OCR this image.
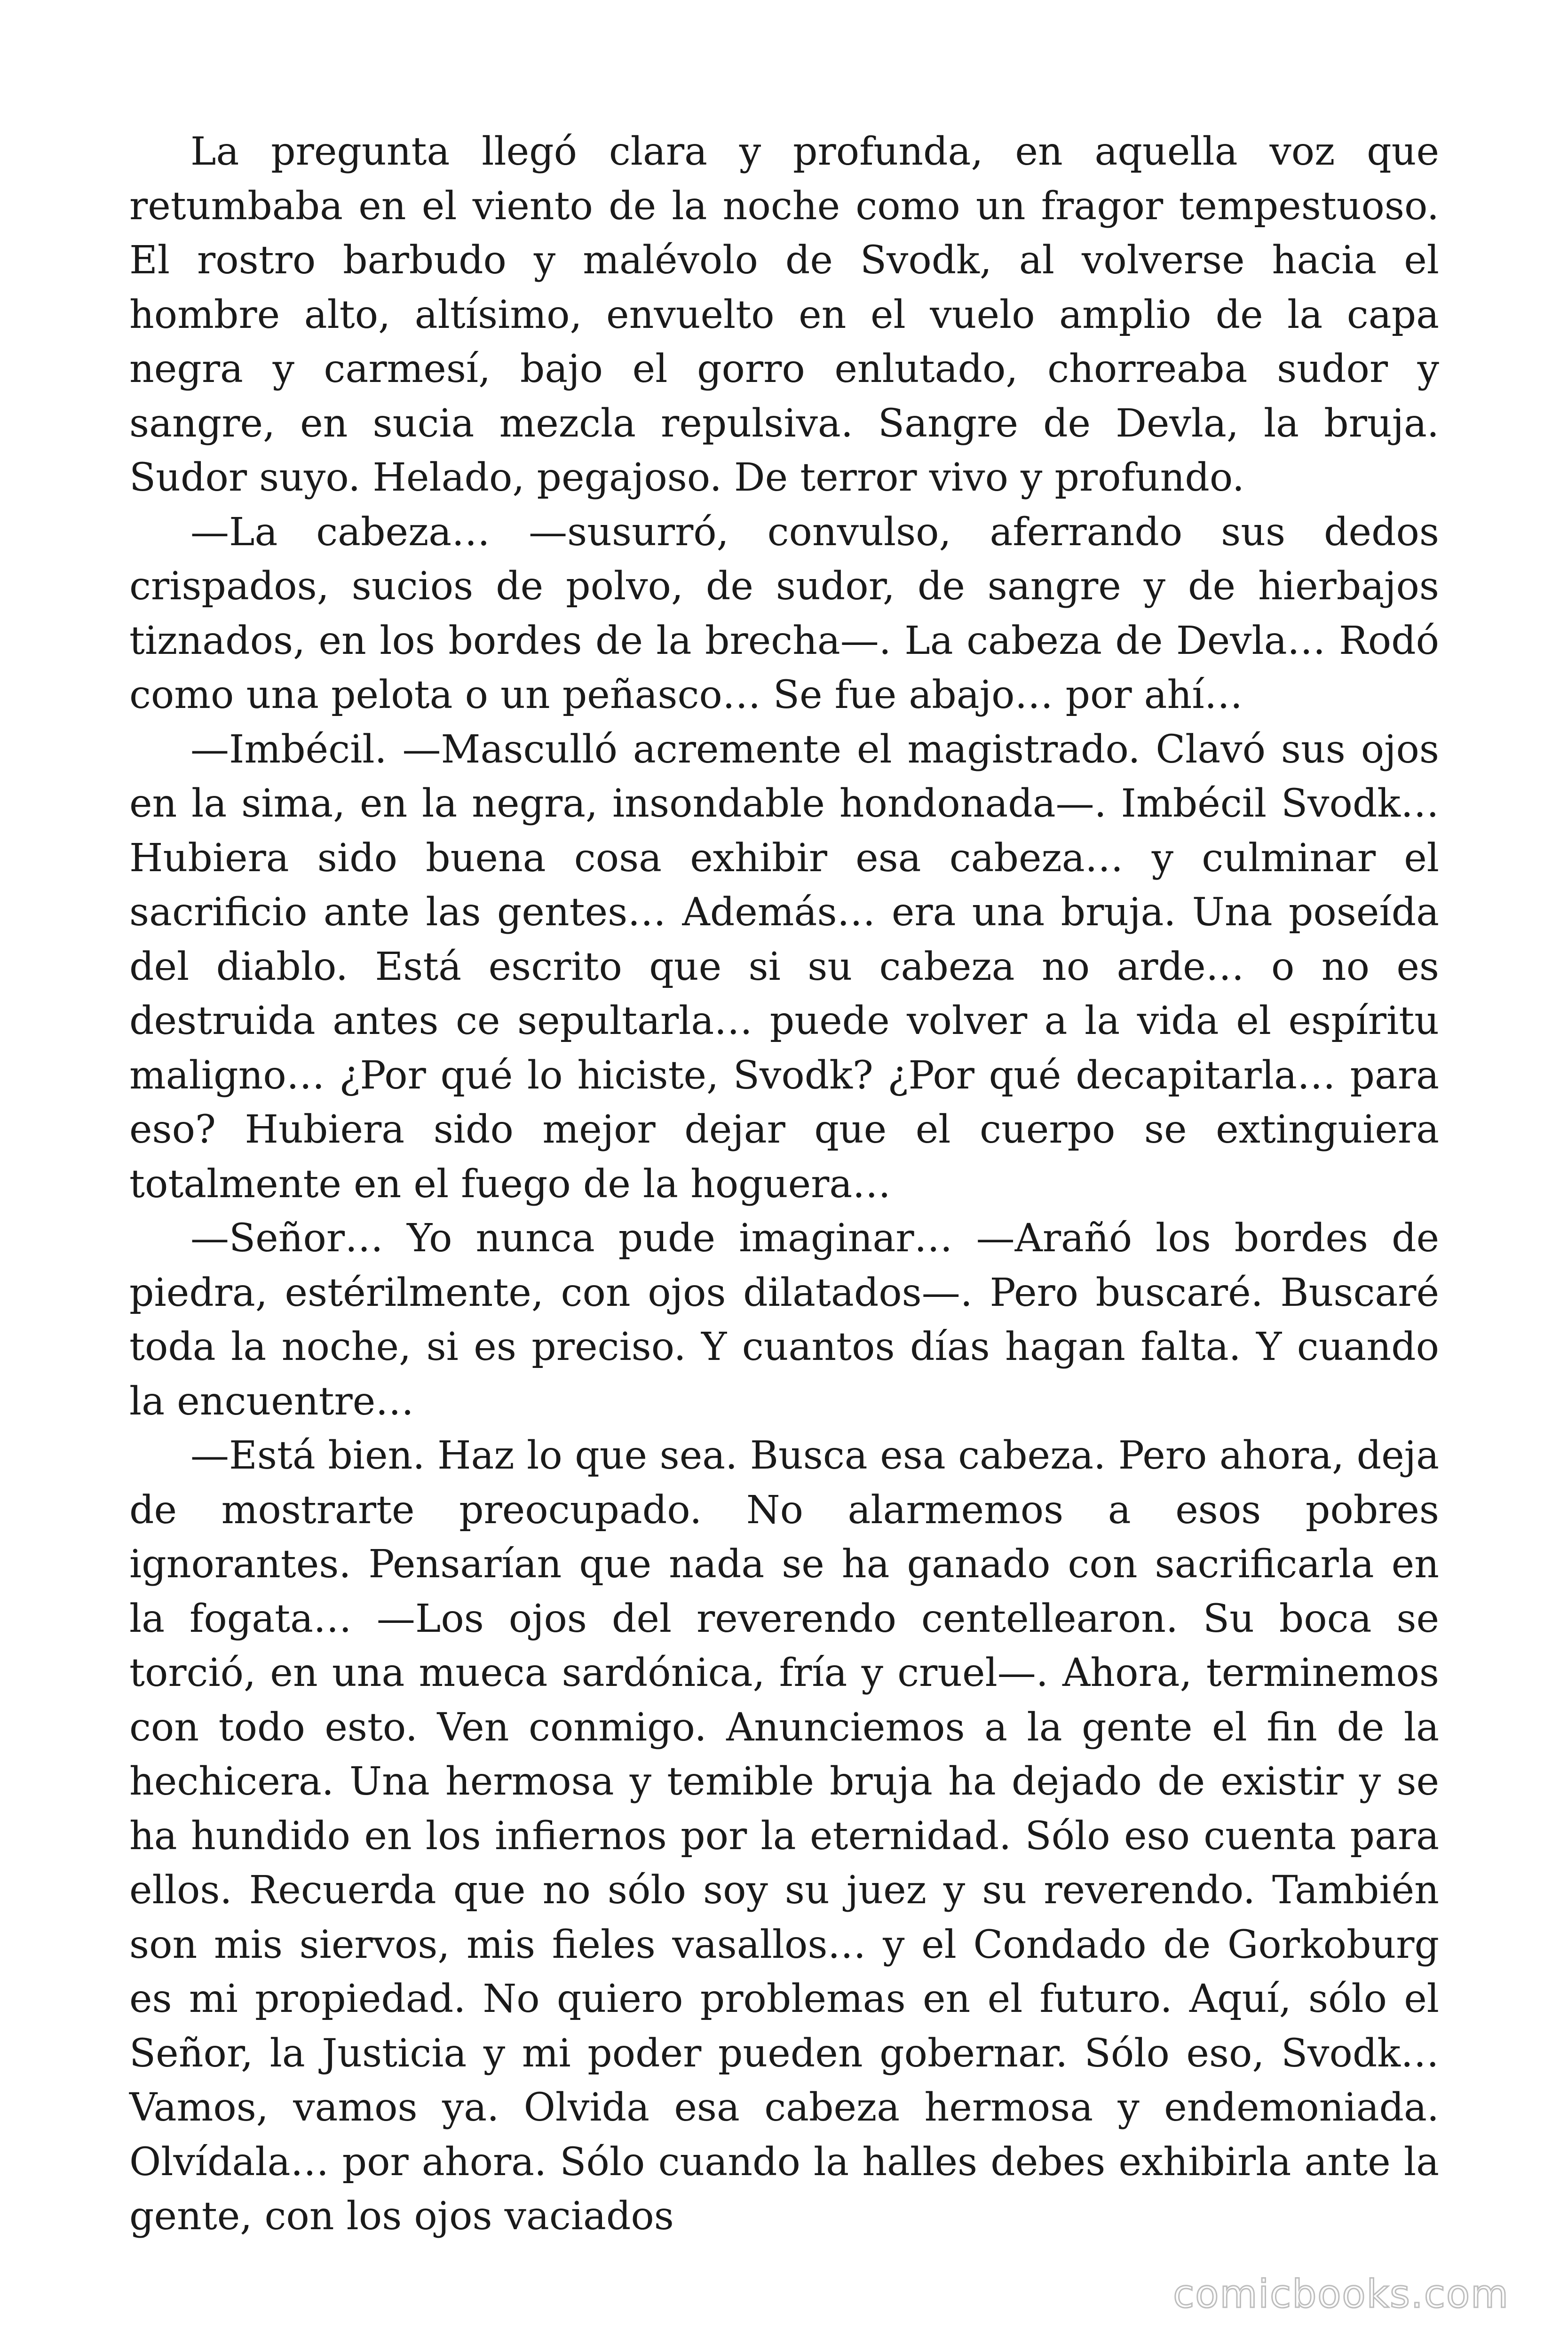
La pregunta llegó clara y profunda, en aquella voz que retumbaba en el viento de la noche como un fragor tempestuoso. El rostro barbudo y malévolo de Svodk, al volverse hacia el hombre alto, altísimo, envuelto en el vuelo amplio de la capa negra y carmesí, bajo el gorro enlutado, chorreaba sudor y sangre, en sucia mezcla repulsiva. Sangre de Devla, la bruja. Sudor suyo. Helado, pegajoso. De terror vivo y profundo.

—La cabeza… —susurró, convulso, aferrando sus dedos crispados, sucios de polvo, de sudor, de sangre y de hierbajos tiznados, en los bordes de la brecha—. La cabeza de Devla… Rodó como una pelota o un peñasco… Se fue abajo… por ahí…

—Imbécil. —Masculló acremente el magistrado. Clavó sus ojos en la sima, en la negra, insondable hondonada—. Imbécil Svodk… Hubiera sido buena cosa exhibir esa cabeza… y culminar el sacrificio ante las gentes… Además… era una bruja. Una poseída del diablo. Está escrito que si su cabeza no arde… o no es destruida antes ce sepultarla… puede volver a la vida el espíritu maligno… ¿Por qué lo hiciste, Svodk? ¿Por qué decapitarla… para eso? Hubiera sido mejor dejar que el cuerpo se extinguiera totalmente en el fuego de la hoguera…

—Señor… Yo nunca pude imaginar… —Arañó los bordes de piedra, estérilmente, con ojos dilatados—. Pero buscaré. Buscaré toda la noche, si es preciso. Y cuantos días hagan falta. Y cuando la encuentre…

—Está bien. Haz lo que sea. Busca esa cabeza. Pero ahora, deja de mostrarte preocupado. No alarmemos a esos pobres ignorantes. Pensarían que nada se ha ganado con sacrificarla en la fogata… —Los ojos del reverendo centellearon. Su boca se torció, en una mueca sardónica, fría y cruel—. Ahora, terminemos con todo esto. Ven conmigo. Anunciemos a la gente el fin de la hechicera. Una hermosa y temible bruja ha dejado de existir y se ha hundido en los infiernos por la eternidad. Sólo eso cuenta para ellos. Recuerda que no sólo soy su juez y su reverendo. También son mis siervos, mis fieles vasallos… y el Condado de Gorkoburg es mi propiedad. No quiero problemas en el futuro. Aquí, sólo el Señor, la Justicia y mi poder pueden gobernar. Sólo eso, Svodk… Vamos, vamos ya. Olvida esa cabeza hermosa y endemoniada. Olvídala… por ahora. Sólo cuando la halles debes exhibirla ante la gente, con los ojos vaciados

comicbooks.com
